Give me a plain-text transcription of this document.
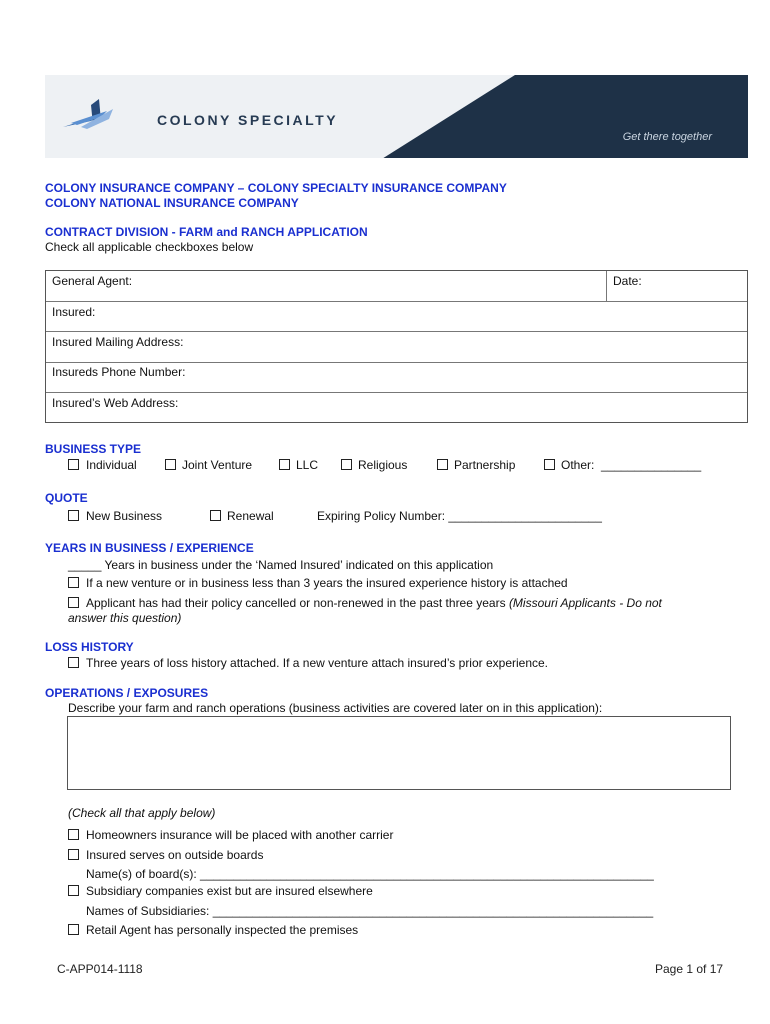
COLONY SPECIALTY
Get there together
COLONY INSURANCE COMPANY – COLONY SPECIALTY INSURANCE COMPANY
COLONY NATIONAL INSURANCE COMPANY
CONTRACT DIVISION - FARM and RANCH APPLICATION
Check all applicable checkboxes below
General Agent:	Date:
Insured:
Insured Mailing Address:
Insureds Phone Number:
Insured’s Web Address:
BUSINESS TYPE
Individual	Joint Venture	LLC	Religious	Partnership	Other:  _______________
QUOTE
New Business	Renewal	Expiring Policy Number: _______________________
YEARS IN BUSINESS / EXPERIENCE
_____ Years in business under the ‘Named Insured’ indicated on this application
If a new venture or in business less than 3 years the insured experience history is attached
Applicant has had their policy cancelled or non-renewed in the past three years (Missouri Applicants - Do not
answer this question)
LOSS HISTORY
Three years of loss history attached. If a new venture attach insured’s prior experience.
OPERATIONS / EXPOSURES
Describe your farm and ranch operations (business activities are covered later on in this application):
(Check all that apply below)
Homeowners insurance will be placed with another carrier
Insured serves on outside boards
Name(s) of board(s): ____________________________________________________________________
Subsidiary companies exist but are insured elsewhere
Names of Subsidiaries: __________________________________________________________________
Retail Agent has personally inspected the premises
C-APP014-1118	Page 1 of 17
